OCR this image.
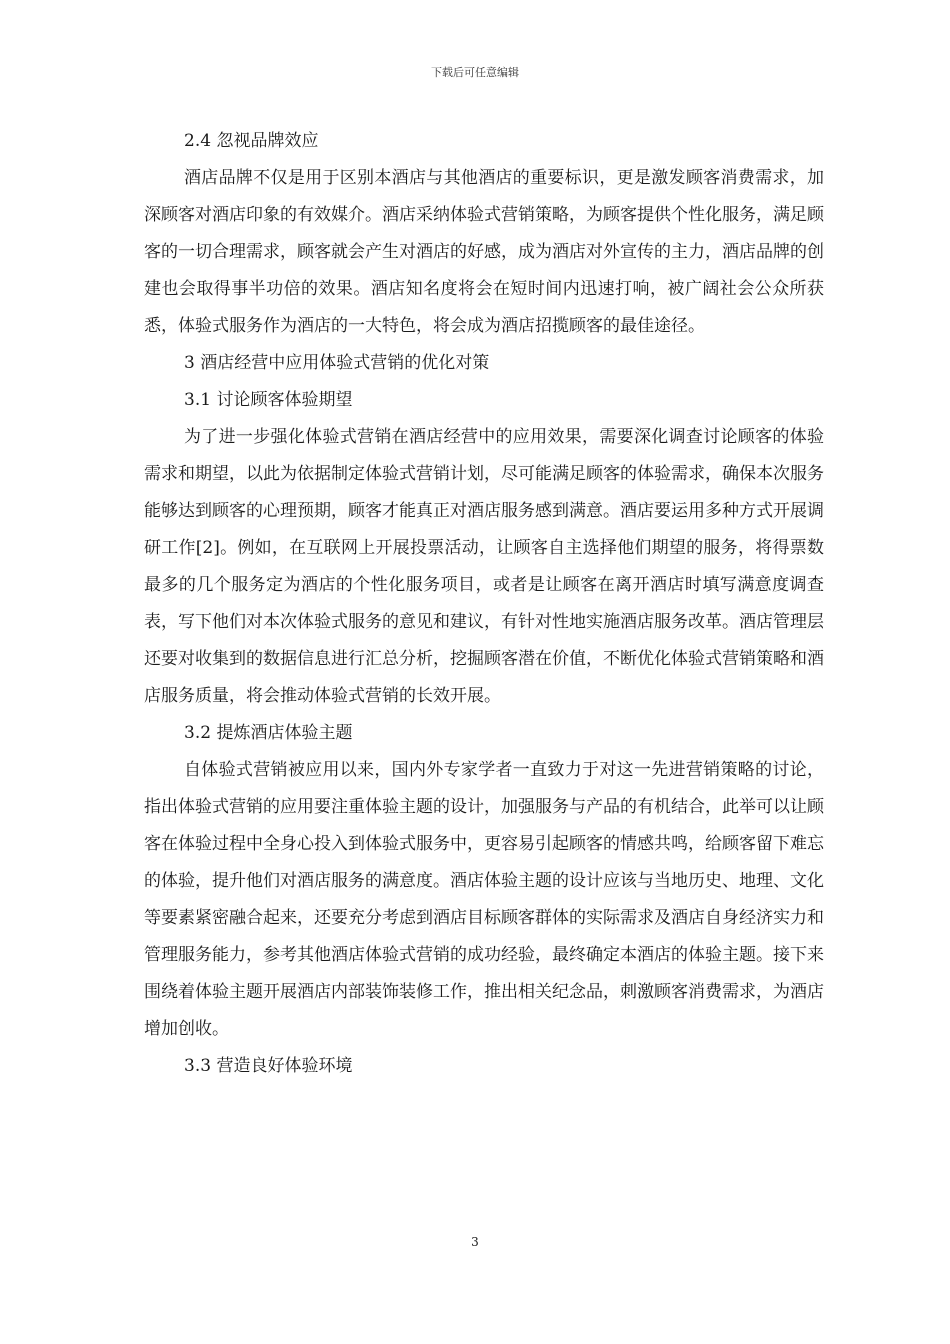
下载后可任意编辑
2.4 忽视品牌效应

酒店品牌不仅是用于区别本酒店与其他酒店的重要标识，更是激发顾客消费需求，加深顾客对酒店印象的有效媒介。酒店采纳体验式营销策略，为顾客提供个性化服务，满足顾客的一切合理需求，顾客就会产生对酒店的好感，成为酒店对外宣传的主力，酒店品牌的创建也会取得事半功倍的效果。酒店知名度将会在短时间内迅速打响，被广阔社会公众所获悉，体验式服务作为酒店的一大特色，将会成为酒店招揽顾客的最佳途径。

3 酒店经营中应用体验式营销的优化对策
3.1 讨论顾客体验期望

为了进一步强化体验式营销在酒店经营中的应用效果，需要深化调查讨论顾客的体验需求和期望，以此为依据制定体验式营销计划，尽可能满足顾客的体验需求，确保本次服务能够达到顾客的心理预期，顾客才能真正对酒店服务感到满意。酒店要运用多种方式开展调研工作[2]。例如，在互联网上开展投票活动，让顾客自主选择他们期望的服务，将得票数最多的几个服务定为酒店的个性化服务项目，或者是让顾客在离开酒店时填写满意度调查表，写下他们对本次体验式服务的意见和建议，有针对性地实施酒店服务改革。酒店管理层还要对收集到的数据信息进行汇总分析，挖掘顾客潜在价值，不断优化体验式营销策略和酒店服务质量，将会推动体验式营销的长效开展。

3.2 提炼酒店体验主题

自体验式营销被应用以来，国内外专家学者一直致力于对这一先进营销策略的讨论，指出体验式营销的应用要注重体验主题的设计，加强服务与产品的有机结合，此举可以让顾客在体验过程中全身心投入到体验式服务中，更容易引起顾客的情感共鸣，给顾客留下难忘的体验，提升他们对酒店服务的满意度。酒店体验主题的设计应该与当地历史、地理、文化等要素紧密融合起来，还要充分考虑到酒店目标顾客群体的实际需求及酒店自身经济实力和管理服务能力，参考其他酒店体验式营销的成功经验，最终确定本酒店的体验主题。接下来围绕着体验主题开展酒店内部装饰装修工作，推出相关纪念品，刺激顾客消费需求，为酒店增加创收。

3.3 营造良好体验环境
3
